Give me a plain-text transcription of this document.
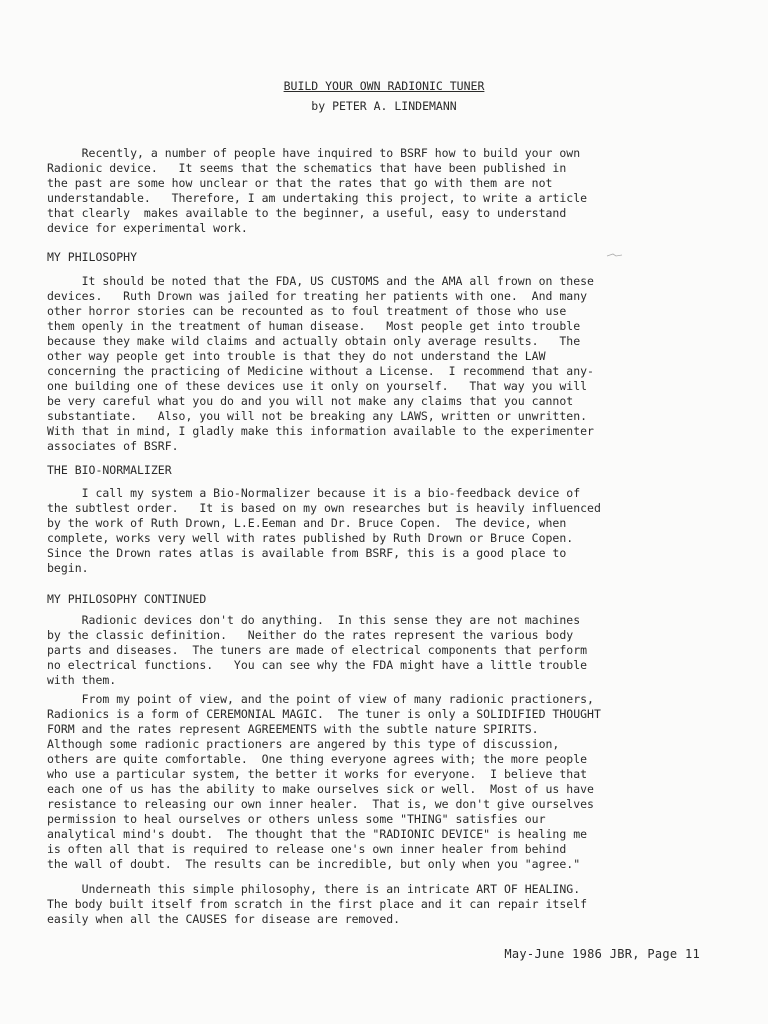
BUILD YOUR OWN RADIONIC TUNER
by PETER A. LINDEMANN

Recently, a number of people have inquired to BSRF how to build your own

Radionic device.   It seems that the schematics that have been published in

the past are some how unclear or that the rates that go with them are not

understandable.   Therefore, I am undertaking this project, to write a article

that clearly  makes available to the beginner, a useful, easy to understand

device for experimental work.

MY PHILOSOPHY

It should be noted that the FDA, US CUSTOMS and the AMA all frown on these

devices.   Ruth Drown was jailed for treating her patients with one.  And many

other horror stories can be recounted as to foul treatment of those who use

them openly in the treatment of human disease.   Most people get into trouble

because they make wild claims and actually obtain only average results.   The

other way people get into trouble is that they do not understand the LAW

concerning the practicing of Medicine without a License.  I recommend that any-

one building one of these devices use it only on yourself.   That way you will

be very careful what you do and you will not make any claims that you cannot

substantiate.   Also, you will not be breaking any LAWS, written or unwritten.

With that in mind, I gladly make this information available to the experimenter

associates of BSRF.

THE BIO-NORMALIZER

I call my system a Bio-Normalizer because it is a bio-feedback device of

the subtlest order.   It is based on my own researches but is heavily influenced

by the work of Ruth Drown, L.E.Eeman and Dr. Bruce Copen.  The device, when

complete, works very well with rates published by Ruth Drown or Bruce Copen.

Since the Drown rates atlas is available from BSRF, this is a good place to

begin.

MY PHILOSOPHY CONTINUED

Radionic devices don't do anything.  In this sense they are not machines

by the classic definition.   Neither do the rates represent the various body

parts and diseases.  The tuners are made of electrical components that perform

no electrical functions.   You can see why the FDA might have a little trouble

with them.

From my point of view, and the point of view of many radionic practioners,

Radionics is a form of CEREMONIAL MAGIC.  The tuner is only a SOLIDIFIED THOUGHT

FORM and the rates represent AGREEMENTS with the subtle nature SPIRITS.

Although some radionic practioners are angered by this type of discussion,

others are quite comfortable.  One thing everyone agrees with; the more people

who use a particular system, the better it works for everyone.  I believe that

each one of us has the ability to make ourselves sick or well.  Most of us have

resistance to releasing our own inner healer.  That is, we don't give ourselves

permission to heal ourselves or others unless some "THING" satisfies our

analytical mind's doubt.  The thought that the "RADIONIC DEVICE" is healing me

is often all that is required to release one's own inner healer from behind

the wall of doubt.  The results can be incredible, but only when you "agree."

Underneath this simple philosophy, there is an intricate ART OF HEALING.

The body built itself from scratch in the first place and it can repair itself

easily when all the CAUSES for disease are removed.

May-June 1986 JBR, Page 11
